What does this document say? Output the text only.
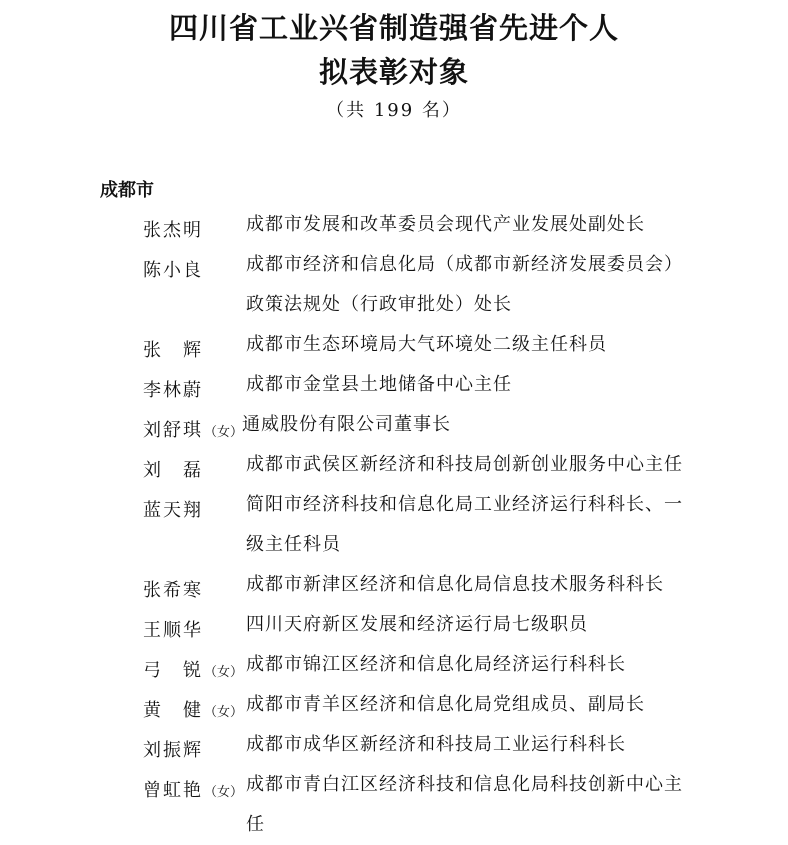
四川省工业兴省制造强省先进个人
拟表彰对象
（共 199 名）
成都市
张杰明 成都市发展和改革委员会现代产业发展处副处长
陈小良 成都市经济和信息化局（成都市新经济发展委员会）政策法规处（行政审批处）处长
张　辉 成都市生态环境局大气环境处二级主任科员
李林蔚 成都市金堂县土地储备中心主任
刘舒琪（女）
通威股份有限公司董事长
刘　磊 成都市武侯区新经济和科技局创新创业服务中心主任
蓝天翔 简阳市经济科技和信息化局工业经济运行科科长、一级主任科员
张希寒 成都市新津区经济和信息化局信息技术服务科科长
王顺华 四川天府新区发展和经济运行局七级职员
弓　锐（女） 成都市锦江区经济和信息化局经济运行科科长
黄　健（女） 成都市青羊区经济和信息化局党组成员、副局长
刘振辉 成都市成华区新经济和科技局工业运行科科长
曾虹艳（女） 成都市青白江区经济科技和信息化局科技创新中心主任
